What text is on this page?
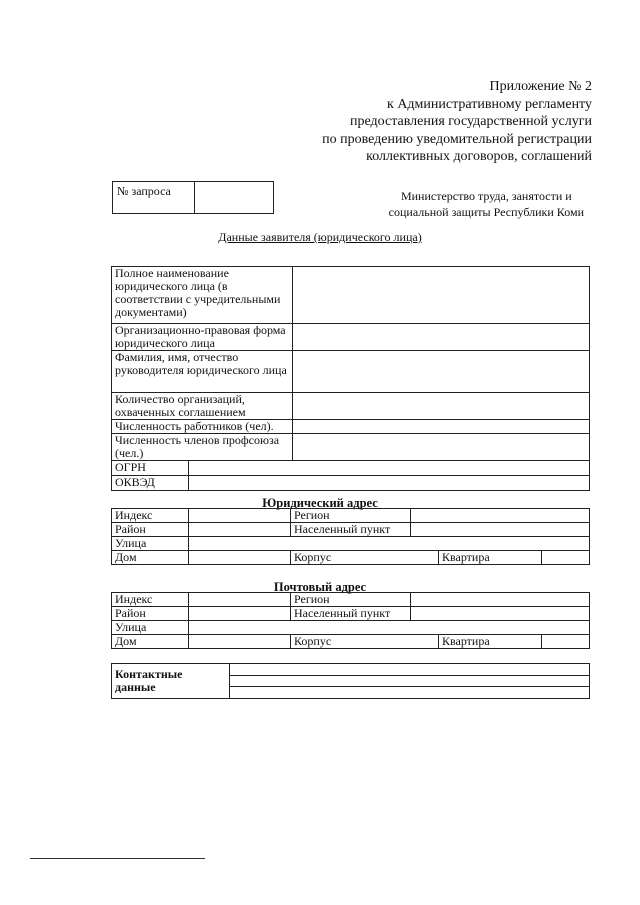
Приложение № 2
к Административному регламенту
предоставления государственной услуги
по проведению уведомительной регистрации
коллективных договоров, соглашений
№ запроса	Министерство труда, занятости и
социальной защиты Республики Коми
Данные заявителя (юридического лица)
Полное наименование юридического лица (в соответствии с учредительными документами)		
Организационно-правовая форма юридического лица		
Фамилия, имя, отчество руководителя юридического лица		
Количество организаций, охваченных соглашением		
Численность работников (чел).		
Численность членов профсоюза (чел.)		
ОГРН		
ОКВЭД		
Юридический адрес
Индекс		Регион		
Район		Населенный пункт		
Улица				
Дом		Корпус		Квартира
Почтовый адрес
Индекс		Регион		
Район		Населенный пункт		
Улица				
Дом		Корпус		Квартира
Контактные данные	
